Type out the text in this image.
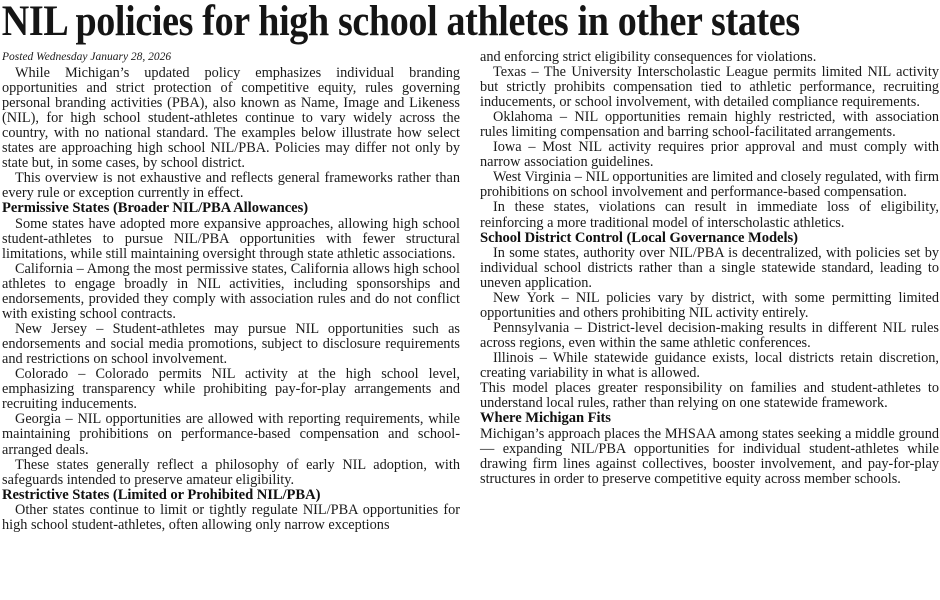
NIL policies for high school athletes in other states
Posted Wednesday January 28, 2026

While Michigan’s updated policy emphasizes individual branding opportunities and strict protection of competitive equity, rules governing personal branding activities (PBA), also known as Name, Image and Likeness (NIL), for high school student-athletes continue to vary widely across the country, with no national standard. The examples below illustrate how select states are approaching high school NIL/PBA. Policies may differ not only by state but, in some cases, by school district.

This overview is not exhaustive and reflects general frameworks rather than every rule or exception currently in effect.

Permissive States (Broader NIL/PBA Allowances)

Some states have adopted more expansive approaches, allowing high school student-athletes to pursue NIL/PBA opportunities with fewer structural limitations, while still maintaining oversight through state athletic associations.

California – Among the most permissive states, California allows high school athletes to engage broadly in NIL activities, including sponsorships and endorsements, provided they comply with association rules and do not conflict with existing school contracts.

New Jersey – Student-athletes may pursue NIL opportunities such as endorsements and social media promotions, subject to disclosure requirements and restrictions on school involvement.

Colorado – Colorado permits NIL activity at the high school level, emphasizing transparency while prohibiting pay-for-play arrangements and recruiting inducements.

Georgia – NIL opportunities are allowed with reporting requirements, while maintaining prohibitions on performance-based compensation and school-arranged deals.

These states generally reflect a philosophy of early NIL adoption, with safeguards intended to preserve amateur eligibility.

Restrictive States (Limited or Prohibited NIL/PBA)

Other states continue to limit or tightly regulate NIL/PBA opportunities for high school student-athletes, often allowing only narrow exceptions

and enforcing strict eligibility consequences for violations.

Texas – The University Interscholastic League permits limited NIL activity but strictly prohibits compensation tied to athletic performance, recruiting inducements, or school involvement, with detailed compliance requirements.

Oklahoma – NIL opportunities remain highly restricted, with association rules limiting compensation and barring school-facilitated arrangements.

Iowa – Most NIL activity requires prior approval and must comply with narrow association guidelines.

West Virginia – NIL opportunities are limited and closely regulated, with firm prohibitions on school involvement and performance-based compensation.

In these states, violations can result in immediate loss of eligibility, reinforcing a more traditional model of interscholastic athletics.

School District Control (Local Governance Models)

In some states, authority over NIL/PBA is decentralized, with policies set by individual school districts rather than a single statewide standard, leading to uneven application.

New York – NIL policies vary by district, with some permitting limited opportunities and others prohibiting NIL activity entirely.

Pennsylvania – District-level decision-making results in different NIL rules across regions, even within the same athletic conferences.

Illinois – While statewide guidance exists, local districts retain discretion, creating variability in what is allowed.

This model places greater responsibility on families and student-athletes to understand local rules, rather than relying on one statewide framework.

Where Michigan Fits

Michigan’s approach places the MHSAA among states seeking a middle ground — expanding NIL/PBA opportunities for individual student-athletes while drawing firm lines against collectives, booster involvement, and pay-for-play structures in order to preserve competitive equity across member schools.
